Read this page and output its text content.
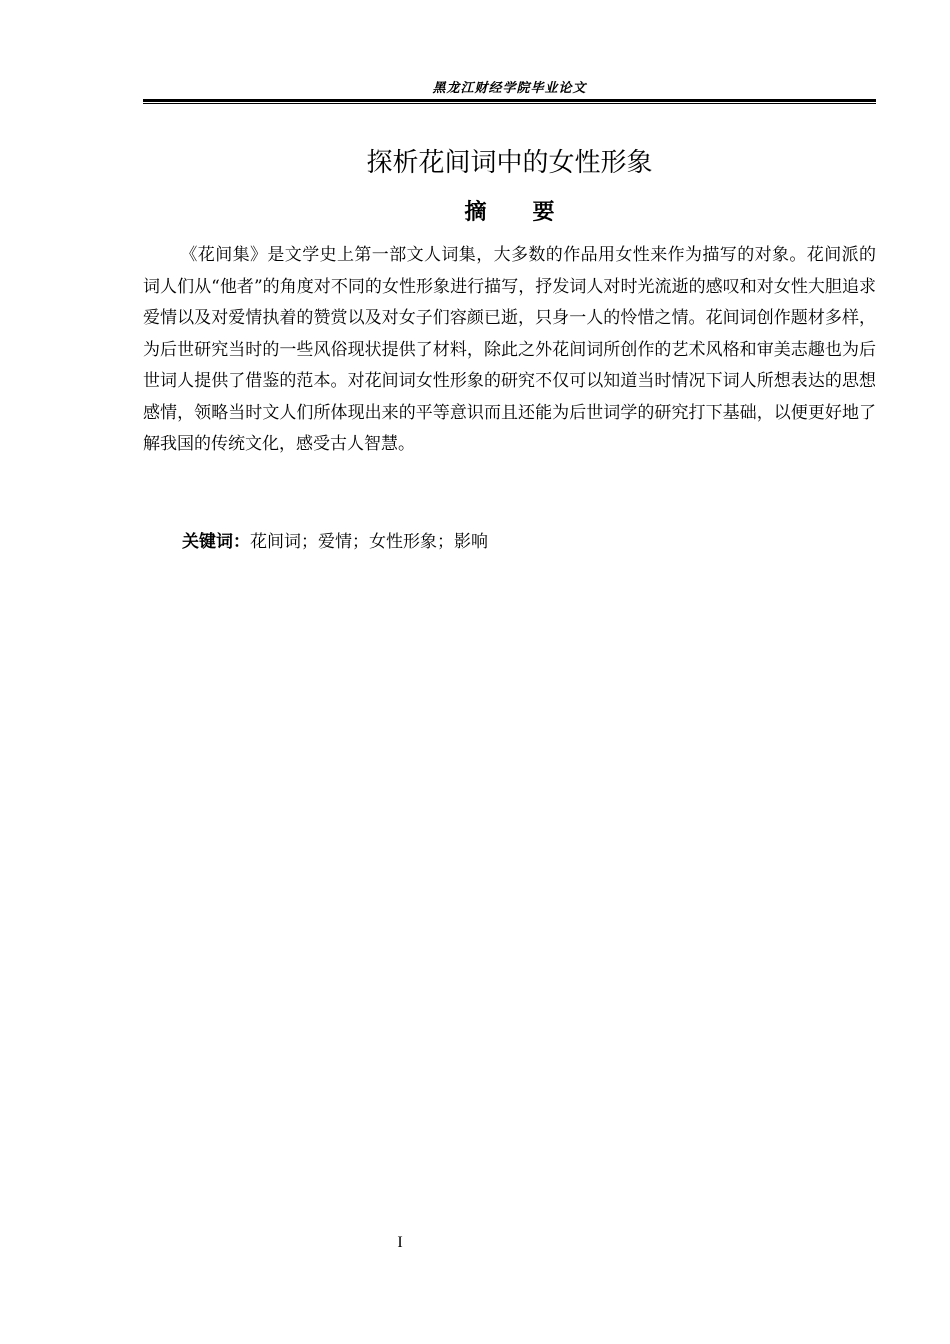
黑龙江财经学院毕业论文
探析花间词中的女性形象
摘 要

《花间集》是文学史上第一部文人词集，大多数的作品用女性来作为描写的对象。花间派的词人们从“他者”的角度对不同的女性形象进行描写，抒发词人对时光流逝的感叹和对女性大胆追求爱情以及对爱情执着的赞赏以及对女子们容颜已逝，只身一人的怜惜之情。花间词创作题材多样，为后世研究当时的一些风俗现状提供了材料，除此之外花间词所创作的艺术风格和审美志趣也为后世词人提供了借鉴的范本。对花间词女性形象的研究不仅可以知道当时情况下词人所想表达的思想感情，领略当时文人们所体现出来的平等意识而且还能为后世词学的研究打下基础，以便更好地了解我国的传统文化，感受古人智慧。

关键词：花间词；爱情；女性形象；影响

I
